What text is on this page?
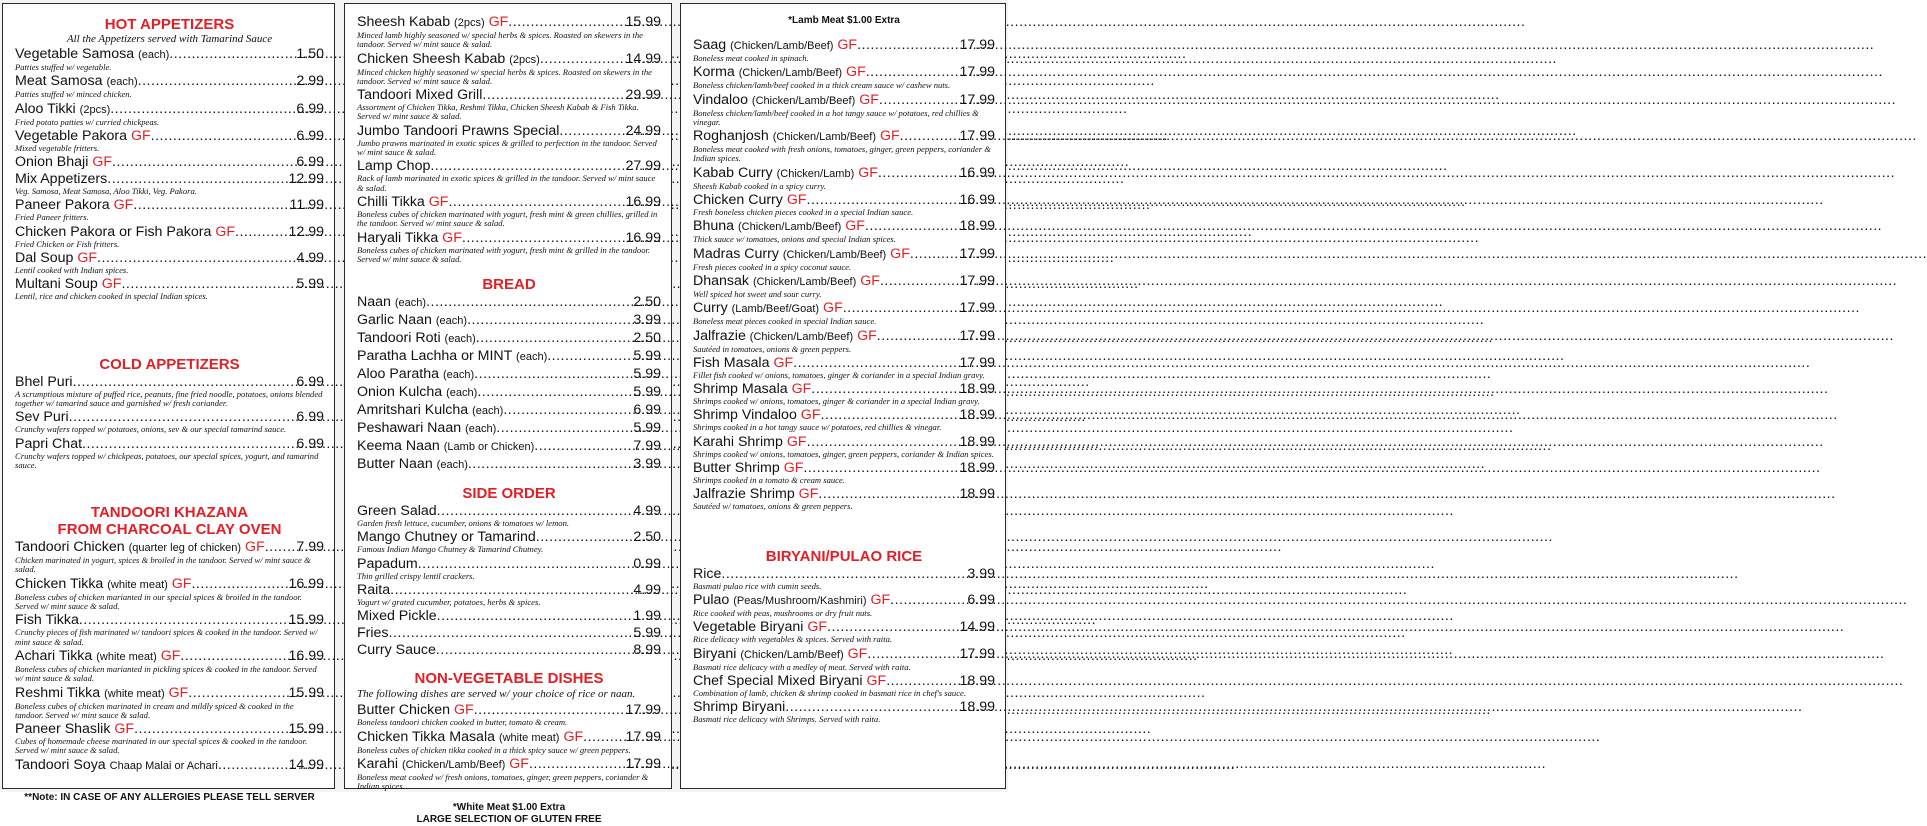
HOT APPETIZERS
All the Appetizers served with Tamarind Sauce
Vegetable Samosa (each) .....	1.50
Patties stuffed w/ vegetable.
Meat Samosa (each) .....	2.99
Patties stuffed w/ minced chicken.
Aloo Tikki (2pcs) .....	6.99
Fried potato patties w/ curried chickpeas.
Vegetable Pakora GF .....	6.99
Mixed vegetable fritters.
Onion Bhaji GF .....	6.99
Mix Appetizers .....	12.99
Veg. Samosa, Meat Samosa, Aloo Tikki, Veg. Pakora.
Paneer Pakora GF .....	11.99
Fried Paneer fritters.
Chicken Pakora or Fish Pakora GF .....	12.99
Fried Chicken or Fish fritters.
Dal Soup GF .....	4.99
Lentil cooked with Indian spices.
Multani Soup GF .....	5.99
Lentil, rice and chicken cooked in special Indian spices.
COLD APPETIZERS
Bhel Puri .....	6.99
A scrumptious mixture of puffed rice, peanuts, fine fried noodle, potatoes, onions blended together w/ tamarind sauce and garnished w/ fresh coriander.
Sev Puri .....	6.99
Crunchy wafers topped w/ potatoes, onions, sev & our special tamarind sauce.
Papri Chat .....	6.99
Crunchy wafers topped w/ chickpeas, potatoes, our special spices, yogurt, and tamarind sauce.
TANDOORI KHAZANA
FROM CHARCOAL CLAY OVEN
Tandoori Chicken (quarter leg of chicken) GF ..... 7.99
Chicken marinated in yogurt, spices & broiled in the tandoor. Served w/ mint sauce & salad.
Chicken Tikka (white meat) GF .....	16.99
Boneless cubes of chicken marianted in our special spices & broiled in the tandoor. Served w/ mint sauce & salad.
Fish Tikka .....	15.99
Crunchy pieces of fish marinated w/ tandoori spices & cooked in the tandoor. Served w/ mint sauce & salad.
Achari Tikka (white meat) GF .....	16.99
Boneless cubes of chicken marianted in pickling spices & cooked in the tandoor. Served w/ mint sauce & salad.
Reshmi Tikka (white meat) GF .....	15.99
Boneless cubes of chicken marinated in cream and mildly spiced & cooked in the tandoor. Served w/ mint sauce & salad.
Paneer Shaslik GF .....	15.99
Cubes of homemade cheese marinated in our special spices & cooked in the tandoor. Served w/ mint sauce & salad.
Tandoori Soya Chaap Malai or Achari .....	14.99
**Note: IN CASE OF ANY ALLERGIES PLEASE TELL SERVER
Sheesh Kabab (2pcs) GF .....	15.99
Minced lamb highly seasoned w/ special herbs & spices. Roasted on skewers in the tandoor. Served w/ mint sauce & salad.
Chicken Sheesh Kabab (2pcs) .....	14.99
Minced chicken highly seasoned w/ special herbs & spices. Roasted on skewers in the tandoor. Served w/ mint sauce & salad.
Tandoori Mixed Grill .....	29.99
Assortment of Chicken Tikka, Reshmi Tikka, Chicken Sheesh Kabab & Fish Tikka. Served w/ mint sauce & salad.
Jumbo Tandoori Prawns Special .....	24.99
Jumbo prawns marinated in exotic spices & grilled to perfection in the tandoor. Served w/ mint sauce & salad.
Lamp Chop .....	27.99
Rack of lamb marinated in exotic spices & grilled in the tandoor. Served w/ mint sauce & salad.
Chilli Tikka GF .....	16.99
Boneless cubes of chicken marinated with yogurt, fresh mint & green chillies, grilled in the tandoor. Served w/ mint sauce & salad.
Haryali Tikka GF .....	16.99
Boneless cubes of chicken marinated with yogurt, fresh mint & grilled in the tandoor. Served w/ mint sauce & salad.
BREAD
Naan (each) .....	2.50
Garlic Naan (each) .....	3.99
Tandoori Roti (each) .....	2.50
Paratha Lachha or MINT (each) .....	5.99
Aloo Paratha (each) .....	5.99
Onion Kulcha (each) .....	5.99
Amritshari Kulcha (each) .....	6.99
Peshawari Naan (each) .....	5.99
Keema Naan (Lamb or Chicken) .....	7.99
Butter Naan (each) .....	3.99
SIDE ORDER
Green Salad .....	4.99
Garden fresh lettuce, cucumber, onions & tomatoes w/ lemon.
Mango Chutney or Tamarind .....	2.50
Famous Indian Mango Chutney & Tamarind Chutney.
Papadum .....	0.99
Thin grilled crispy lentil crackers.
Raita .....	4.99
Yogurt w/ grated cucumber, potatoes, herbs & spices.
Mixed Pickle .....	1.99
Fries .....	5.99
Curry Sauce .....	8.99
NON-VEGETABLE DISHES
The following dishes are served w/ your choice of rice or naan.
Butter Chicken GF .....	17.99
Boneless tandoori chicken cooked in butter, tomato & cream.
Chicken Tikka Masala (white meat) GF .....	17.99
Boneless cubes of chicken tikka cooked in a thick spicy sauce w/ green peppers.
Karahi (Chicken/Lamb/Beef) GF .....	17.99
Boneless meat cooked w/ fresh onions, tomatoes, ginger, green peppers, coriander & Indian spices.
*White Meat $1.00 Extra
LARGE SELECTION OF GLUTEN FREE
*Lamb Meat $1.00 Extra
Saag (Chicken/Lamb/Beef) GF .....	17.99
Boneless meat cooked in spinach.
Korma (Chicken/Lamb/Beef) GF .....	17.99
Boneless chicken/lamb/beef cooked in a thick cream sauce w/ cashew nuts.
Vindaloo (Chicken/Lamb/Beef) GF .....	17.99
Boneless chicken/lamb/beef cooked in a hot tangy sauce w/ potatoes, red chillies & vinegar.
Roghanjosh (Chicken/Lamb/Beef) GF .....	17.99
Boneless meat cooked with fresh onions, tomatoes, ginger, green peppers, coriander & Indian spices.
Kabab Curry (Chicken/Lamb) GF .....	16.99
Sheesh Kabab cooked in a spicy curry.
Chicken Curry GF .....	16.99
Fresh boneless chicken pieces cooked in a special Indian sauce.
Bhuna (Chicken/Lamb/Beef) GF .....	18.99
Thick sauce w/ tomatoes, onions and special Indian spices.
Madras Curry (Chicken/Lamb/Beef) GF .....	17.99
Fresh pieces cooked in a spicy coconut sauce.
Dhansak (Chicken/Lamb/Beef) GF .....	17.99
Well spiced hot sweet and sour curry.
Curry (Lamb/Beef/Goat) GF .....	17.99
Boneless meat pieces cooked in special Indian sauce.
Jalfrazie (Chicken/Lamb/Beef) GF .....	17.99
Sautéed in tomatoes, onions & green peppers.
Fish Masala GF .....	17.99
Fillet fish cooked w/ onions, tomatoes, ginger & coriander in a special Indian gravy.
Shrimp Masala GF .....	18.99
Shrimps cooked w/ onions, tomatoes, ginger & coriander in a special Indian gravy.
Shrimp Vindaloo GF .....	18.99
Shrimps cooked in a hot tangy sauce w/ potatoes, red chillies & vinegar.
Karahi Shrimp GF .....	18.99
Shrimps cooked w/ onions, tomatoes, ginger, green peppers, coriander & Indian spices.
Butter Shrimp GF .....	18.99
Shrimps cooked in a tomato & cream sauce.
Jalfrazie Shrimp GF .....	18.99
Sautéed w/ tomatoes, onions & green peppers.
BIRYANI/PULAO RICE
Rice .....	3.99
Basmati pulao rice with cumin seeds.
Pulao (Peas/Mushroom/Kashmiri) GF .....	6.99
Rice cooked with peas, mushrooms or dry fruit nuts.
Vegetable Biryani GF .....	14.99
Rice delicacy with vegetables & spices. Served with raita.
Biryani (Chicken/Lamb/Beef) GF .....	17.99
Basmati rice delicacy with a medley of meat. Served with raita.
Chef Special Mixed Biryani GF .....	18.99
Combination of lamb, chicken & shrimp cooked in basmati rice in chef's sauce.
Shrimp Biryani .....	18.99
Basmati rice delicacy with Shrimps. Served with raita.
